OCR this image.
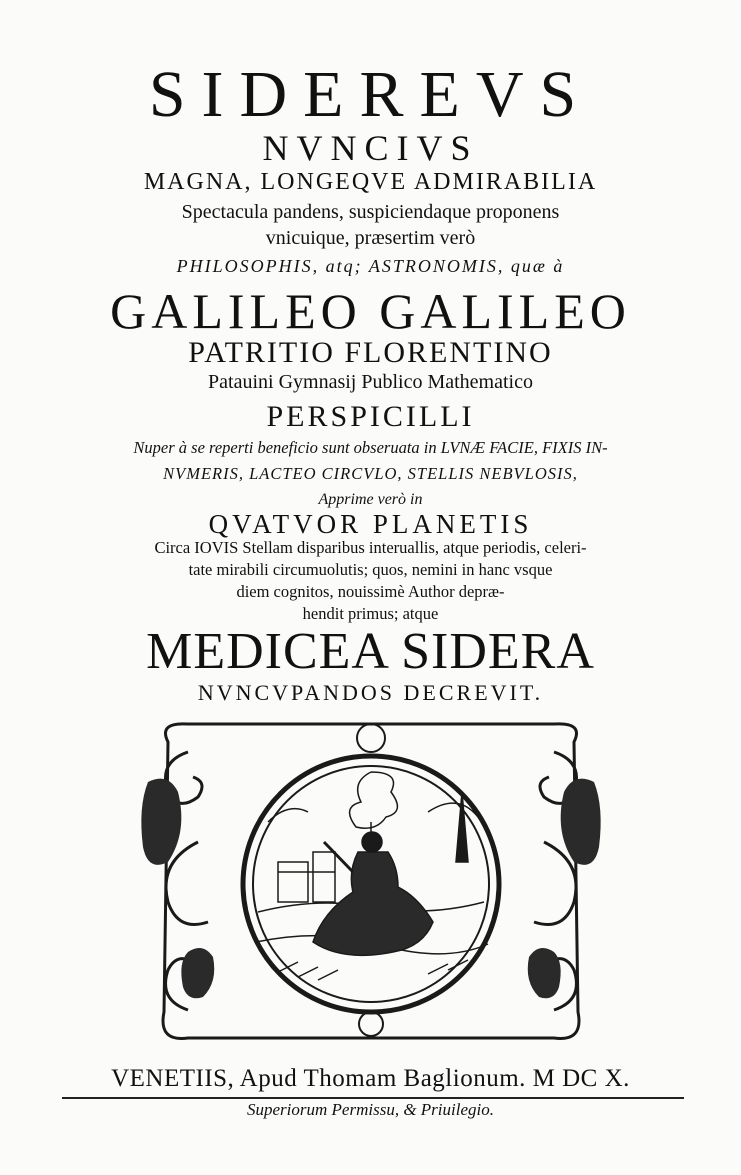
SIDEREVS
NVNCIVS
MAGNA, LONGEQVE ADMIRABILIA
Spectacula pandens, suspiciendaque proponens
vnicuique, præsertim verò
PHILOSOPHIS, atq; ASTRONOMIS, quæ à
GALILEO GALILEO
PATRITIO FLORENTINO
Patauini Gymnasij Publico Mathematico
PERSPICILLI
Nuper à se reperti beneficio sunt obseruata in LVNÆ FACIE, FIXIS IN-
NVMERIS, LACTEO CIRCVLO, STELLIS NEBVLOSIS,
Apprime verò in
QVATVOR PLANETIS
Circa IOVIS Stellam disparibus interuallis, atque periodis, celeri-
tate mirabili circumuolutis; quos, nemini in hanc vsque
diem cognitos, nouissimè Author depræ-
hendit primus; atque
MEDICEA SIDERA
NVNCVPANDOS DECREVIT.
VENETIIS, Apud Thomam Baglionum. M DC X.
Superiorum Permissu, & Priuilegio.
